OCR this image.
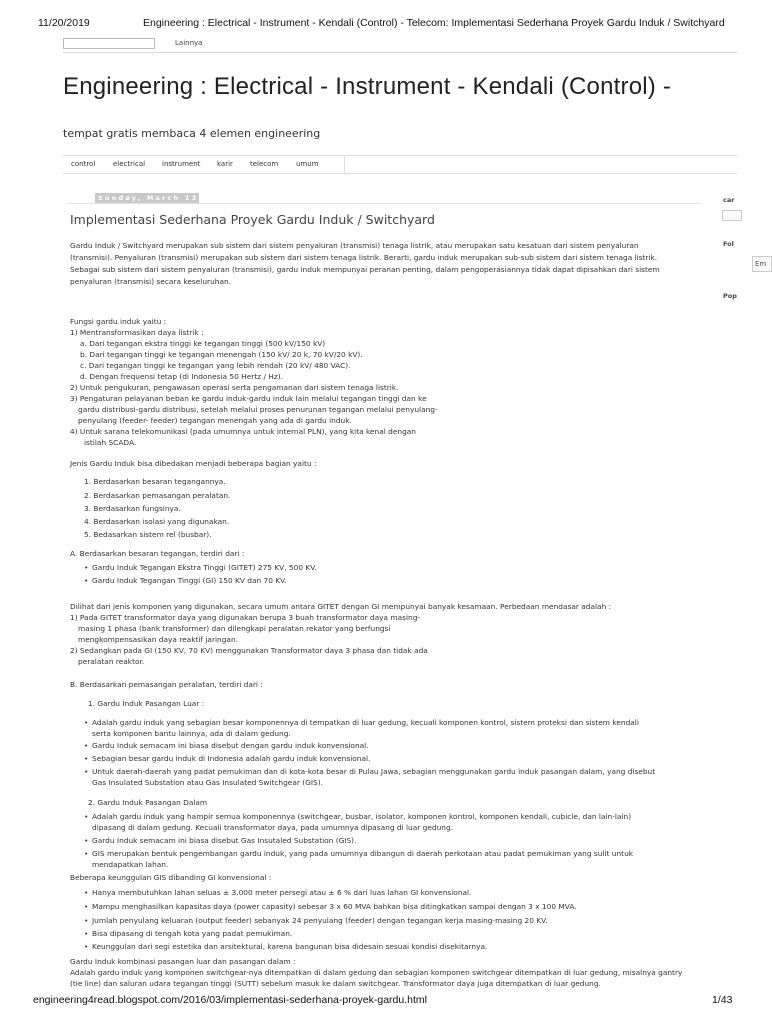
11/20/2019	Engineering : Electrical - Instrument - Kendali (Control) - Telecom: Implementasi Sederhana Proyek Gardu Induk / Switchyard
Lainnya
Engineering : Electrical - Instrument - Kendali (Control) -
tempat gratis membaca 4 elemen engineering
control	electrical instrument karir telecom	umum
Sunday, March 13, 2016
Implementasi Sederhana Proyek Gardu Induk / Switchyard
Gardu Induk / Switchyard merupakan sub sistem dari sistem penyaluran (transmisi) tenaga listrik, atau merupakan satu kesatuan dari sistem penyaluran
(transmisi). Penyaluran (transmisi) merupakan sub sistem dari sistem tenaga listrik. Berarti, gardu induk merupakan sub-sub sistem dari sistem tenaga listrik.
Sebagai sub sistem dari sistem penyaluran (transmisi), gardu induk mempunyai peranan penting, dalam pengoperasiannya tidak dapat dipisahkan dari sistem
penyaluran (transmisi) secara keseluruhan.
Fungsi gardu induk yaitu :
1) Mentransformasikan daya listrik :
a. Dari tegangan ekstra tinggi ke tegangan tinggi (500 kV/150 kV)
b. Dari tegangan tinggi ke tegangan menengah (150 kV/ 20 k, 70 kV/20 kV).
c. Dari tegangan tinggi ke tegangan yang lebih rendah (20 kV/ 480 VAC).
d. Dengan frequensi tetap (di Indonesia 50 Hertz / Hz).
2) Untuk pengukuran, pengawasan operasi serta pengamanan dari sistem tenaga listrik.
3) Pengaturan pelayanan beban ke gardu induk-gardu induk lain melalui tegangan tinggi dan ke
gardu distribusi-gardu distribusi, setelah melalui proses penurunan tegangan melalui penyulang-
penyulang (feeder- feeder) tegangan menengah yang ada di gardu induk.
4) Untuk sarana telekomunikasi (pada umumnya untuk internal PLN), yang kita kenal dengan
istilah SCADA.
Jenis Gardu Induk bisa dibedakan menjadi beberapa bagian yaitu :
1. Berdasarkan besaran tegangannya.
2. Berdasarkan pemasangan peralatan.
3. Berdasarkan fungsinya.
4. Berdasarkan isolasi yang digunakan.
5. Bedasarkan sistem rel (busbar).
A. Berdasarkan besaran tegangan, terdiri dari :
• Gardu Induk Tegangan Ekstra Tinggi (GITET) 275 KV, 500 KV.
• Gardu Induk Tegangan Tinggi (GI) 150 KV dan 70 KV.
Dilihat dari jenis komponen yang digunakan, secara umum antara GITET dengan GI mempunyai banyak kesamaan. Perbedaan mendasar adalah :
1) Pada GITET transformator daya yang digunakan berupa 3 buah transformator daya masing-
masing 1 phasa (bank transformer) dan dilengkapi peralatan rekator yang berfungsi
mengkompensasikan daya reaktif jaringan.
2) Sedangkan pada GI (150 KV, 70 KV) menggunakan Transformator daya 3 phasa dan tidak ada
peralatan reaktor.
B. Berdasarkan pemasangan peralatan, terdiri dari :
1. Gardu Induk Pasangan Luar :
• Adalah gardu induk yang sebagian besar komponennya di tempatkan di luar gedung, kecuali komponen kontrol, sistem proteksi dan sistem kendali
serta komponen bantu lainnya, ada di dalam gedung.
• Gardu Induk semacam ini biasa disebut dengan gardu induk konvensional.
• Sebagian besar gardu induk di Indonesia adalah gardu induk konvensional.
• Untuk daerah-daerah yang padat pemukiman dan di kota-kota besar di Pulau Jawa, sebagian menggunakan gardu induk pasangan dalam, yang disebut
Gas Insulated Substation atau Gas Insulated Switchgear (GIS).
2. Gardu Induk Pasangan Dalam
• Adalah gardu induk yang hampir semua komponennya (switchgear, busbar, isolator, komponen kontrol, komponen kendali, cubicle, dan lain-lain)
dipasang di dalam gedung. Kecuali transformator daya, pada umumnya dipasang di luar gedung.
• Gardu Induk semacam ini biasa disebut Gas Insutaled Substation (GIS).
• GIS merupakan bentuk pengembangan gardu induk, yang pada umumnya dibangun di daerah perkotaan atau padat pemukiman yang sulit untuk
mendapatkan lahan.
Beberapa keunggulan GIS dibanding GI konvensional :
• Hanya membutuhkan lahan seluas ± 3.000 meter persegi atau ± 6 % dari luas lahan GI konvensional.
• Mampu menghasilkan kapasitas daya (power capasity) sebesar 3 x 60 MVA bahkan bisa ditingkatkan sampai dengan 3 x 100 MVA.
• Jumlah penyulang keluaran (output feeder) sebanyak 24 penyulang (feeder) dengan tegangan kerja masing-masing 20 KV.
• Bisa dipasang di tengah kota yang padat pemukiman.
• Keunggulan dari segi estetika dan arsitektural, karena bangunan bisa didesain sesuai kondisi disekitarnya.
Gardu Induk kombinasi pasangan luar dan pasangan dalam :
Adalah gardu induk yang komponen switchgear-nya ditempatkan di dalam gedung dan sebagian komponen switchgear ditempatkan di luar gedung, misalnya gantry
(tie line) dan saluran udara tegangan tinggi (SUTT) sebelum masuk ke dalam switchgear. Transformator daya juga ditempatkan di luar gedung.
car
Fol
Em
Pop
engineering4read.blogspot.com/2016/03/implementasi-sederhana-proyek-gardu.html	1/43
